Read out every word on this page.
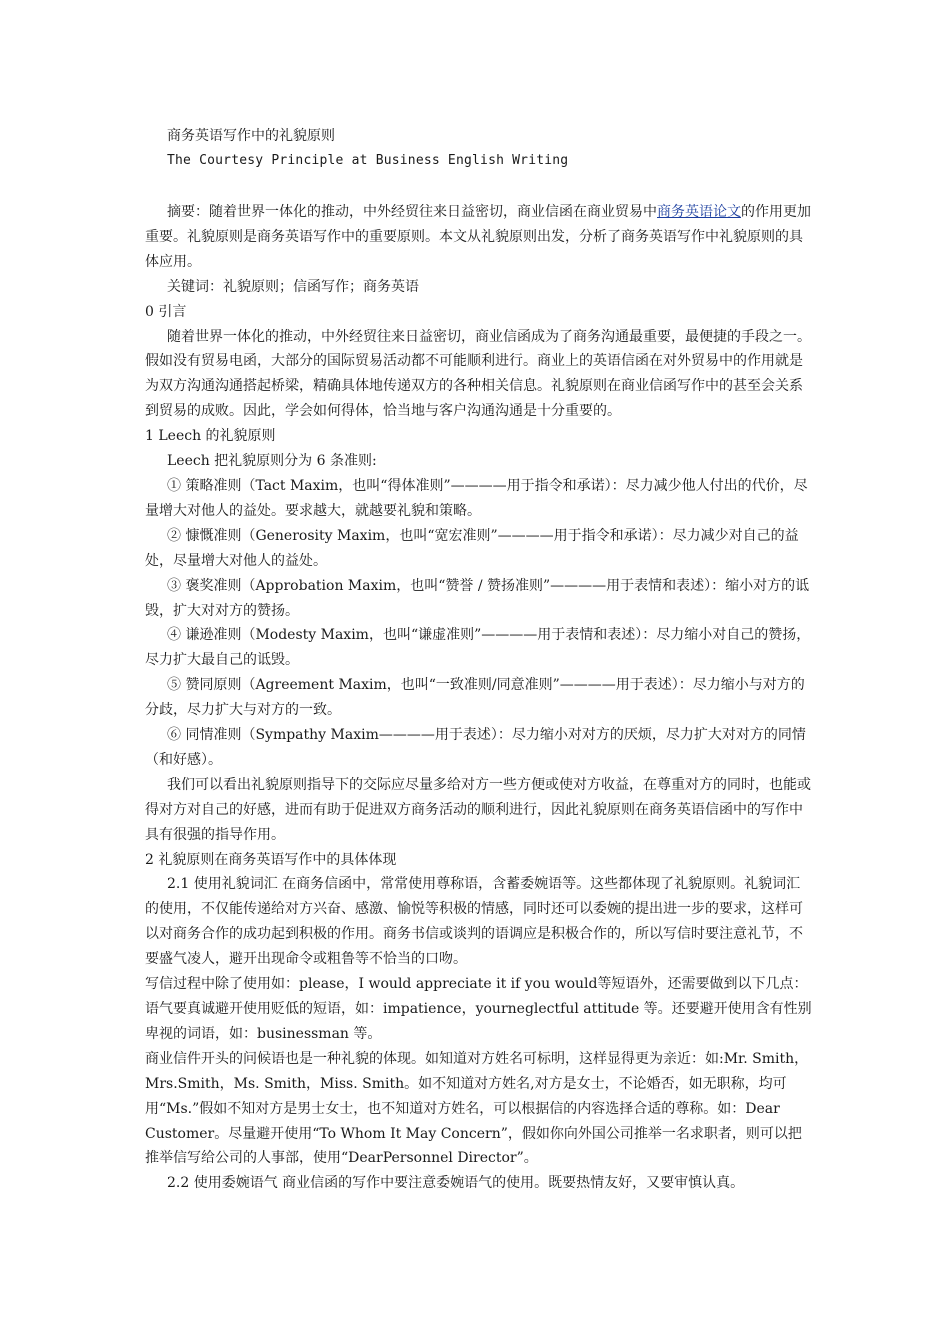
商务英语写作中的礼貌原则
The Courtesy Principle at Business English Writing

摘要：随着世界一体化的推动，中外经贸往来日益密切，商业信函在商业贸易中商务英语论文的作用更加重要。礼貌原则是商务英语写作中的重要原则。本文从礼貌原则出发，分析了商务英语写作中礼貌原则的具体应用。

关键词：礼貌原则；信函写作；商务英语

0 引言

随着世界一体化的推动，中外经贸往来日益密切，商业信函成为了商务沟通最重要，最便捷的手段之一。假如没有贸易电函，大部分的国际贸易活动都不可能顺利进行。商业上的英语信函在对外贸易中的作用就是为双方沟通沟通搭起桥梁，精确具体地传递双方的各种相关信息。礼貌原则在商业信函写作中的甚至会关系到贸易的成败。因此，学会如何得体，恰当地与客户沟通沟通是十分重要的。

1 Leech 的礼貌原则

Leech 把礼貌原则分为 6 条准则:

① 策略准则（Tact Maxim，也叫“得体准则”————用于指令和承诺）：尽力减少他人付出的代价，尽量增大对他人的益处。要求越大，就越要礼貌和策略。

② 慷慨准则（Generosity Maxim，也叫“宽宏准则”————用于指令和承诺）：尽力减少对自己的益处，尽量增大对他人的益处。

③ 褒奖准则（Approbation Maxim，也叫“赞誉 / 赞扬准则”————用于表情和表述）：缩小对方的诋毁，扩大对对方的赞扬。

④ 谦逊准则（Modesty Maxim，也叫“谦虚准则”————用于表情和表述）：尽力缩小对自己的赞扬，尽力扩大最自己的诋毁。

⑤ 赞同原则（Agreement Maxim，也叫“一致准则/同意准则”————用于表述）：尽力缩小与对方的分歧，尽力扩大与对方的一致。

⑥ 同情准则（Sympathy Maxim————用于表述）：尽力缩小对对方的厌烦，尽力扩大对对方的同情（和好感）。

我们可以看出礼貌原则指导下的交际应尽量多给对方一些方便或使对方收益，在尊重对方的同时，也能或得对方对自己的好感，进而有助于促进双方商务活动的顺利进行，因此礼貌原则在商务英语信函中的写作中具有很强的指导作用。

2 礼貌原则在商务英语写作中的具体体现

2.1 使用礼貌词汇 在商务信函中，常常使用尊称语，含蓄委婉语等。这些都体现了礼貌原则。礼貌词汇的使用，不仅能传递给对方兴奋、感激、愉悦等积极的情感，同时还可以委婉的提出进一步的要求，这样可以对商务合作的成功起到积极的作用。商务书信或谈判的语调应是积极合作的，所以写信时要注意礼节，不要盛气凌人，避开出现命令或粗鲁等不恰当的口吻。

写信过程中除了使用如：please，I would appreciate it if you would等短语外，还需要做到以下几点：语气要真诚避开使用贬低的短语，如：impatience，yourneglectful attitude 等。还要避开使用含有性别卑视的词语，如：businessman 等。

商业信件开头的问候语也是一种礼貌的体现。如知道对方姓名可标明，这样显得更为亲近：如:Mr. Smith，Mrs.Smith，Ms. Smith，Miss. Smith。如不知道对方姓名,对方是女士，不论婚否，如无职称，均可用“Ms.”假如不知对方是男士女士，也不知道对方姓名，可以根据信的内容选择合适的尊称。如：Dear Customer。尽量避开使用“To Whom It May Concern”，假如你向外国公司推举一名求职者，则可以把推举信写给公司的人事部，使用“DearPersonnel Director”。

2.2 使用委婉语气 商业信函的写作中要注意委婉语气的使用。既要热情友好，又要审慎认真。
